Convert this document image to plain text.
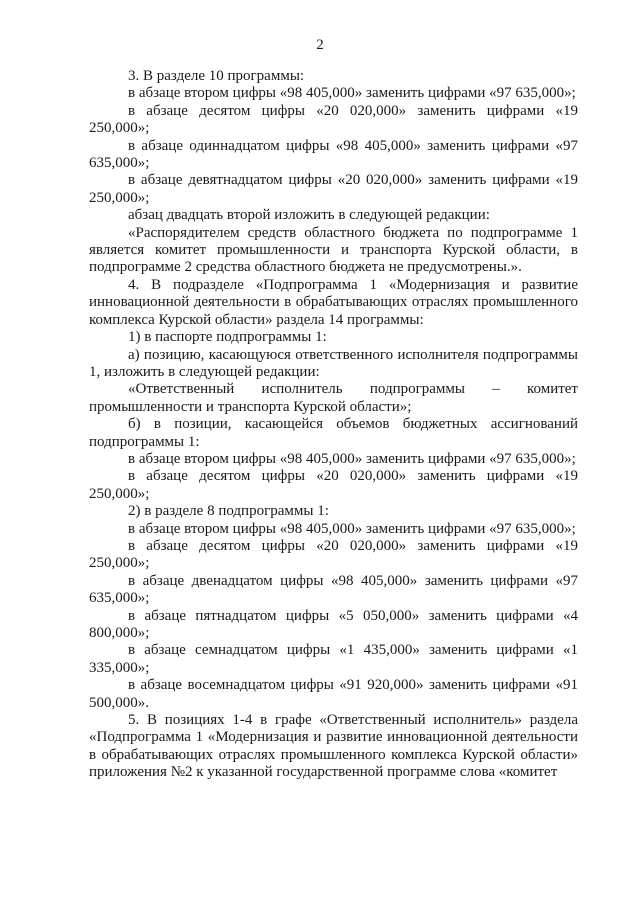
2

3. В разделе 10 программы:

в абзаце втором цифры «98 405,000» заменить цифрами «97 635,000»;

в абзаце десятом цифры «20 020,000» заменить цифрами «19 250,000»;

в абзаце одиннадцатом цифры «98 405,000» заменить цифрами «97 635,000»;

в абзаце девятнадцатом цифры «20 020,000» заменить цифрами «19 250,000»;

абзац двадцать второй изложить в следующей редакции:

«Распорядителем средств областного бюджета по подпрограмме 1 является комитет промышленности и транспорта Курской области, в подпрограмме 2 средства областного бюджета не предусмотрены.».

4. В подразделе «Подпрограмма 1 «Модернизация и развитие инновационной деятельности в обрабатывающих отраслях промышленного комплекса Курской области» раздела 14 программы:

1) в паспорте подпрограммы 1:

а) позицию, касающуюся ответственного исполнителя подпрограммы 1, изложить в следующей редакции:

«Ответственный исполнитель подпрограммы – комитет промышленности и транспорта Курской области»;

б) в позиции, касающейся объемов бюджетных ассигнований подпрограммы 1:

в абзаце втором цифры «98 405,000» заменить цифрами «97 635,000»;

в абзаце десятом цифры «20 020,000» заменить цифрами «19 250,000»;

2) в разделе 8 подпрограммы 1:

в абзаце втором цифры «98 405,000» заменить цифрами «97 635,000»;

в абзаце десятом цифры «20 020,000» заменить цифрами «19 250,000»;

в абзаце двенадцатом цифры «98 405,000» заменить цифрами «97 635,000»;

в абзаце пятнадцатом цифры «5 050,000» заменить цифрами «4 800,000»;

в абзаце семнадцатом цифры «1 435,000» заменить цифрами «1 335,000»;

в абзаце восемнадцатом цифры «91 920,000» заменить цифрами «91 500,000».

5. В позициях 1-4 в графе «Ответственный исполнитель» раздела «Подпрограмма 1 «Модернизация и развитие инновационной деятельности в обрабатывающих отраслях промышленного комплекса Курской области» приложения №2 к указанной государственной программе слова «комитет
